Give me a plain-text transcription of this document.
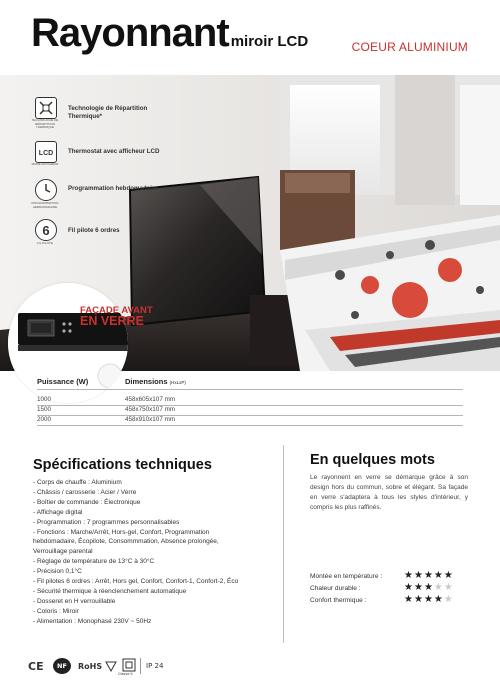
Rayonnant miroir LCD	COEUR ALUMINIUM
TECHNOLOGIE DE RÉPARTITION THERMIQUE
Technologie de Répartition Thermique*
LCD
MODE AFFICHEUR
Thermostat avec afficheur LCD
PROGRAMMATION HEBDOMADAIRE
Programmation hebdomadaire
6
FIL PILOTE
Fil pilote 6 ordres
FAÇADE AVANT
EN VERRE
Puissance (W)	Dimensions (HxLxP)
1000	458x605x107 mm
1500	458x750x107 mm
2000	458x910x107 mm
Spécifications techniques
- Corps de chauffe : Aluminium
- Châssis / carosserie : Acier / Verre
- Boîtier de commande : Électronique
- Affichage digital
- Programmation : 7 programmes personnalisables
- Fonctions : Marche/Arrêt, Hors-gel, Confort, Programmation
hebdomadaire, Écopilote, Consommmation, Absence prolongée,
Verrouillage parental
- Réglage de température de 13°C à 30°C
- Précision 0,1°C
- Fil pilotes 6 ordres : Arrêt, Hors gel, Confort, Confort-1, Confort-2, Éco
- Sécurité thermique à réenclenchement automatique
- Dosseret en H verrouillable
- Coloris : Miroir
- Alimentation : Monophasé 230V ~ 50Hz
En quelques mots

Le rayonnent en verre se démarque grâce à son design hors du commun, sobre et élégant. Sa façade en verre s'adaptera à tous les styles d'intérieur, y compris les plus raffinés.

Montée en température : ★★★★★
Chaleur durable :	★★★★★
Confort thermique :	★★★★★
CE	NF	RoHS
Classe II
IP 24
